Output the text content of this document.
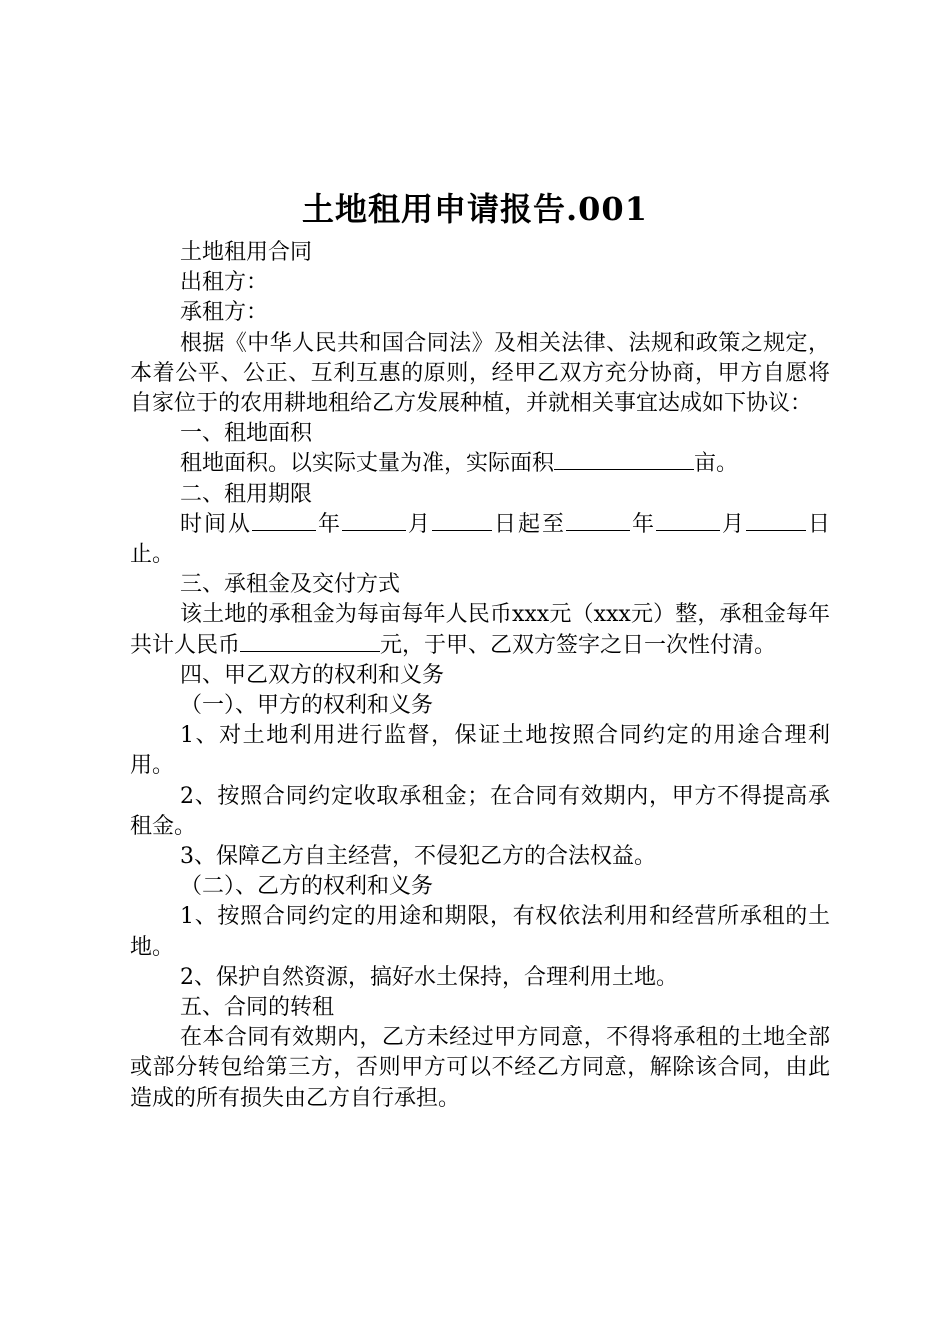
土地租用申请报告.001

土地租用合同

出租方：

承租方：

根据《中华人民共和国合同法》及相关法律、法规和政策之规定，本着公平、公正、互利互惠的原则，经甲乙双方充分协商，甲方自愿将自家位于的农用耕地租给乙方发展种植，并就相关事宜达成如下协议：

一、租地面积

租地面积。以实际丈量为准，实际面积	亩。

二、租用期限

时间从	年	月	日起至	年	月	日止。

三、承租金及交付方式

该土地的承租金为每亩每年人民币xxx元（xxx元）整，承租金每年共计人民币	元，于甲、乙双方签字之日一次性付清。

四、甲乙双方的权利和义务

（一）、甲方的权利和义务

1、对土地利用进行监督，保证土地按照合同约定的用途合理利用。

2、按照合同约定收取承租金；在合同有效期内，甲方不得提高承租金。

3、保障乙方自主经营，不侵犯乙方的合法权益。

（二）、乙方的权利和义务

1、按照合同约定的用途和期限，有权依法利用和经营所承租的土地。

2、保护自然资源，搞好水土保持，合理利用土地。

五、合同的转租

在本合同有效期内，乙方未经过甲方同意，不得将承租的土地全部或部分转包给第三方，否则甲方可以不经乙方同意，解除该合同，由此造成的所有损失由乙方自行承担。
